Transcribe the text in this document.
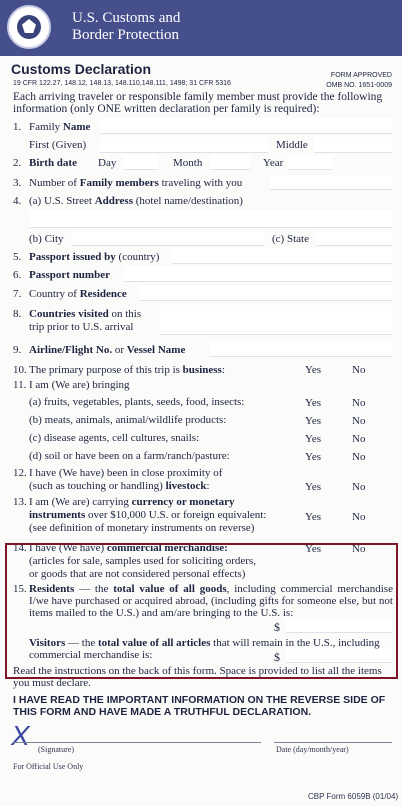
U.S. Customs and
Border Protection
Customs Declaration
19 CFR 122.27, 148.12, 148.13, 148.110,148.111, 1498; 31 CFR 5316
FORM APPROVED
OMB NO. 1651-0009
Each arriving traveler or responsible family member must provide the following information (only ONE written declaration per family is required):
1. Family Name
First (Given)	Middle
2. Birth date Day	Month	Year
3. Number of Family members traveling with you
4. (a) U.S. Street Address (hotel name/destination)
(b) City	(c) State
5. Passport issued by (country)
6. Passport number
7. Country of Residence
8. Countries visited on this
trip prior to U.S. arrival
9. Airline/Flight No. or Vessel Name
10. The primary purpose of this trip is business:	Yes	No
11. I am (We are) bringing
(a) fruits, vegetables, plants, seeds, food, insects:	Yes	No
(b) meats, animals, animal/wildlife products:	Yes	No
(c) disease agents, cell cultures, snails:	Yes	No
(d) soil or have been on a farm/ranch/pasture:	Yes	No
12. I have (We have) been in close proximity of
(such as touching or handling) livestock:	Yes	No
13. I am (We are) carrying currency or monetary
instruments over $10,000 U.S. or foreign equivalent:
(see definition of monetary instruments on reverse)
Yes	No
14. I have (We have) commercial merchandise:
(articles for sale, samples used for soliciting orders,
or goods that are not considered personal effects)
Yes	No
15. Residents — the total value of all goods, including commercial merchandise I/we have purchased or acquired abroad, (including gifts for someone else, but not items mailed to the U.S.) and am/are bringing to the U.S. is:
$
Visitors — the total value of all articles that will remain in the U.S., including commercial merchandise is:	$
Read the instructions on the back of this form. Space is provided to list all the items you must declare.
I HAVE READ THE IMPORTANT INFORMATION ON THE REVERSE SIDE OF THIS FORM AND HAVE MADE A TRUTHFUL DECLARATION.
X (Signature)	Date (day/month/year)
For Official Use Only
CBP Form 6059B (01/04)
